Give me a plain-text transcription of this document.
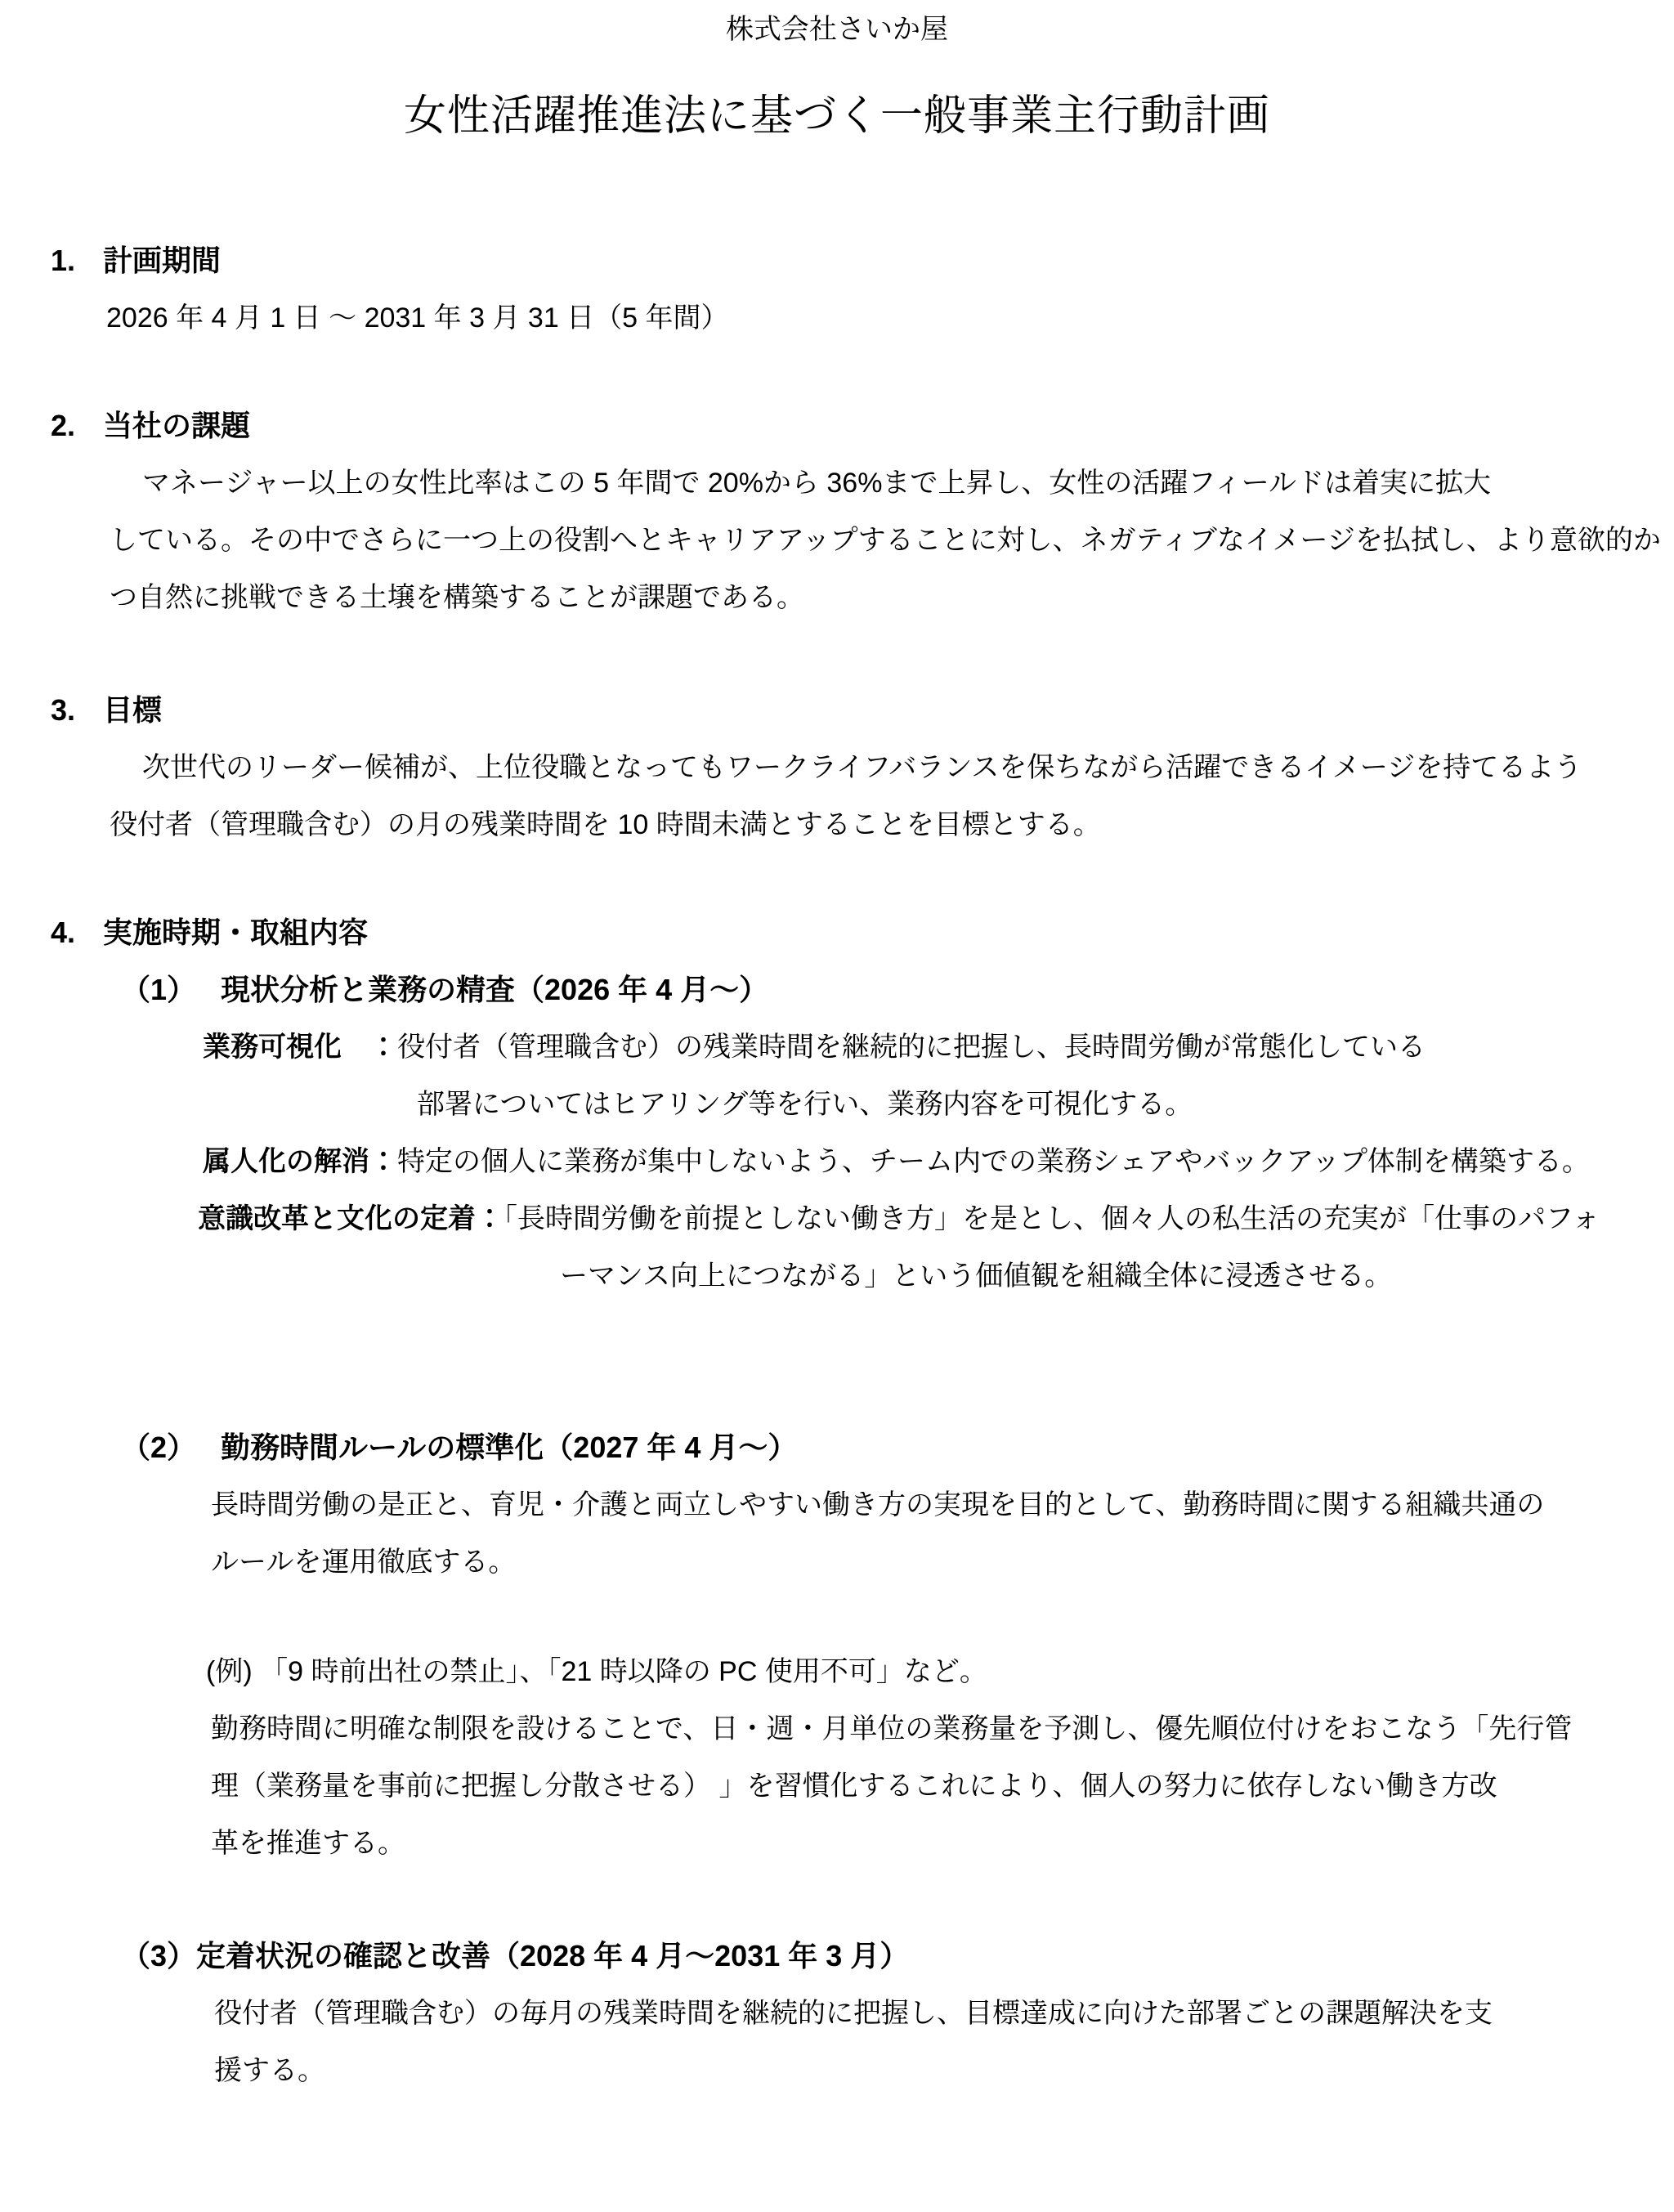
株式会社さいか屋
女性活躍推進法に基づく一般事業主行動計画
1. 計画期間
2026 年 4 月 1 日 ～ 2031 年 3 月 31 日（5 年間）
2. 当社の課題
マネージャー以上の女性比率はこの 5 年間で 20%から 36%まで上昇し、女性の活躍フィールドは着実に拡大
している。その中でさらに一つ上の役割へとキャリアアップすることに対し、ネガティブなイメージを払拭し、より意欲的か
つ自然に挑戦できる土壌を構築することが課題である。
3. 目標
次世代のリーダー候補が、上位役職となってもワークライフバランスを保ちながら活躍できるイメージを持てるよう
役付者（管理職含む）の月の残業時間を 10 時間未満とすることを目標とする。
4. 実施時期・取組内容
（1） 現状分析と業務の精査（2026 年 4 月～）
業務可視化 ：役付者（管理職含む）の残業時間を継続的に把握し、長時間労働が常態化している
部署についてはヒアリング等を行い、業務内容を可視化する。
属人化の解消：特定の個人に業務が集中しないよう、チーム内での業務シェアやバックアップ体制を構築する。
意識改革と文化の定着：「長時間労働を前提としない働き方」を是とし、個々人の私生活の充実が「仕事のパフォ
ーマンス向上につながる」という価値観を組織全体に浸透させる。
（2） 勤務時間ルールの標準化（2027 年 4 月～）
長時間労働の是正と、育児・介護と両立しやすい働き方の実現を目的として、勤務時間に関する組織共通の
ルールを運用徹底する。
(例) 「9 時前出社の禁止」、「21 時以降の PC 使用不可」など。
勤務時間に明確な制限を設けることで、日・週・月単位の業務量を予測し、優先順位付けをおこなう「先行管
理（業務量を事前に把握し分散させる） 」を習慣化するこれにより、個人の努力に依存しない働き方改
革を推進する。
（3）定着状況の確認と改善（2028 年 4 月～2031 年 3 月）
役付者（管理職含む）の毎月の残業時間を継続的に把握し、目標達成に向けた部署ごとの課題解決を支
援する。
